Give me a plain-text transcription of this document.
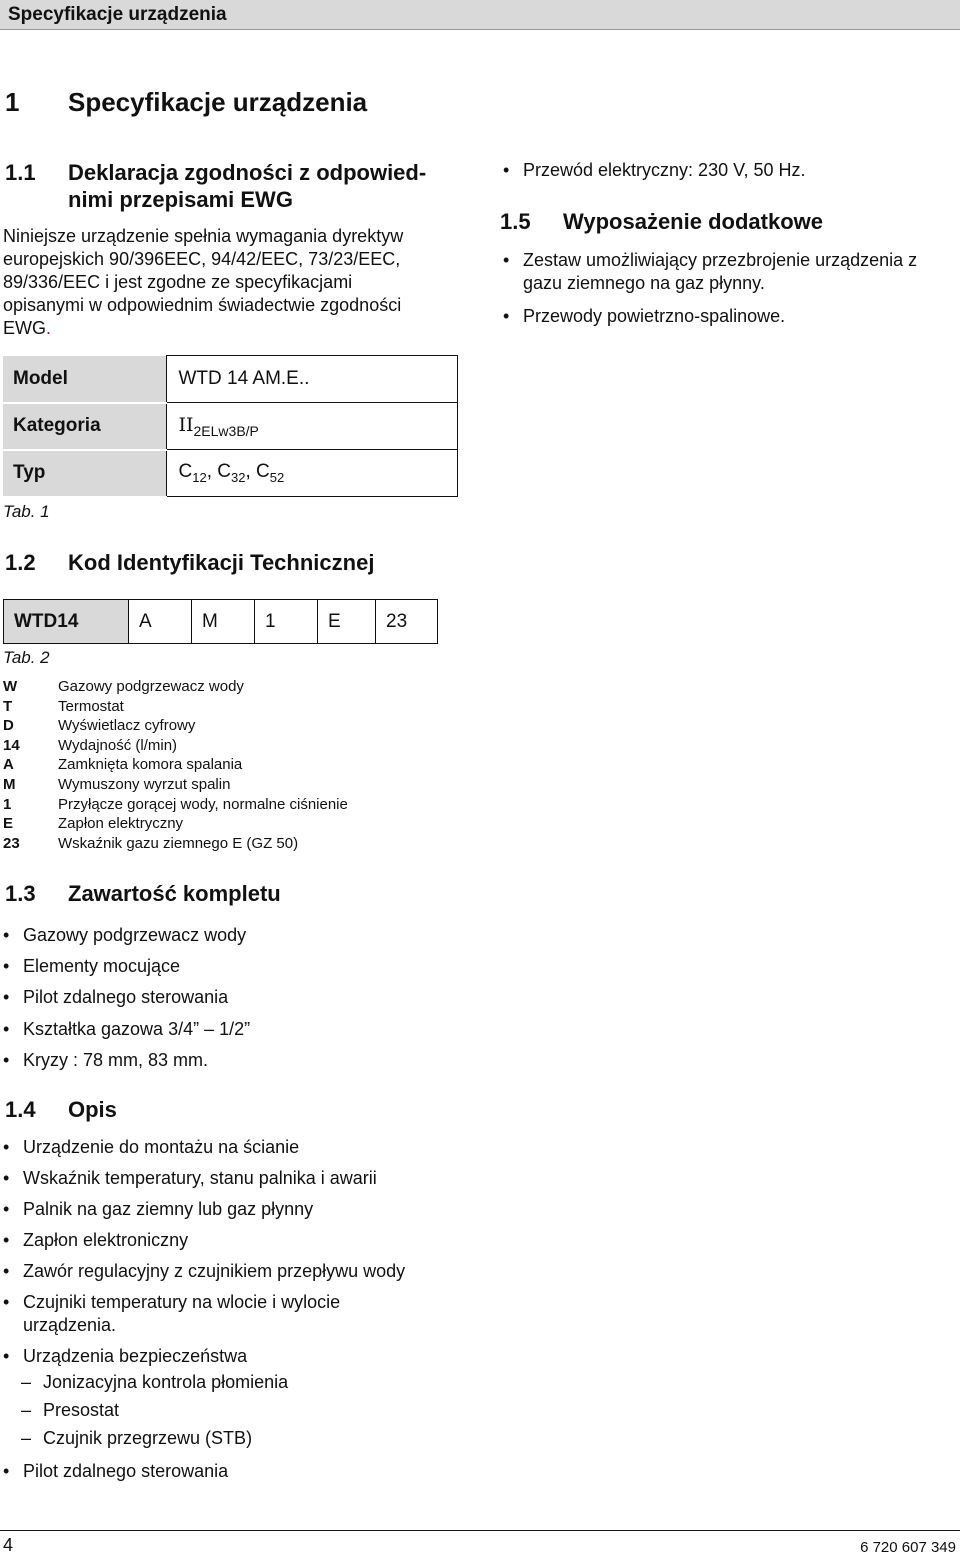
Specyfikacje urządzenia
1 Specyfikacje urządzenia
1.1 Deklaracja zgodności z odpowied-
nimi przepisami EWG
Niniejsze urządzenie spełnia wymagania dyrektyw
europejskich 90/396EEC, 94/42/EEC, 73/23/EEC,
89/336/EEC i jest zgodne ze specyfikacjami
opisanymi w odpowiednim świadectwie zgodności
EWG.
• Przewód elektryczny: 230 V, 50 Hz.
1.5 Wyposażenie dodatkowe
• Zestaw umożliwiający przezbrojenie urządzenia z
gazu ziemnego na gaz płynny.
• Przewody powietrzno-spalinowe.
Model	WTD 14 AM.E..
Kategoria	$II_{2ELw3B/P}$
Typ	$C_{12}$, $C_{32}$, $C_{52}$
Tab. 1
1.2 Kod Identyfikacji Technicznej
WTD14	A	M	1	E	23
Tab. 2
W	Gazowy podgrzewacz wody
T	Termostat
D	Wyświetlacz cyfrowy
14	Wydajność (l/min)
A	Zamknięta komora spalania
M	Wymuszony wyrzut spalin
1	Przyłącze gorącej wody, normalne ciśnienie
E	Zapłon elektryczny
23	Wskaźnik gazu ziemnego E (GZ 50)
1.3 Zawartość kompletu
• Gazowy podgrzewacz wody
• Elementy mocujące
• Pilot zdalnego sterowania
• Kształtka gazowa 3/4” – 1/2”
• Kryzy : 78 mm, 83 mm.
1.4 Opis
• Urządzenie do montażu na ścianie
• Wskaźnik temperatury, stanu palnika i awarii
• Palnik na gaz ziemny lub gaz płynny
• Zapłon elektroniczny
• Zawór regulacyjny z czujnikiem przepływu wody
• Czujniki temperatury na wlocie i wylocie
urządzenia.
• Urządzenia bezpieczeństwa
– Jonizacyjna kontrola płomienia
– Presostat
– Czujnik przegrzewu (STB)
• Pilot zdalnego sterowania
4	6 720 607 349
